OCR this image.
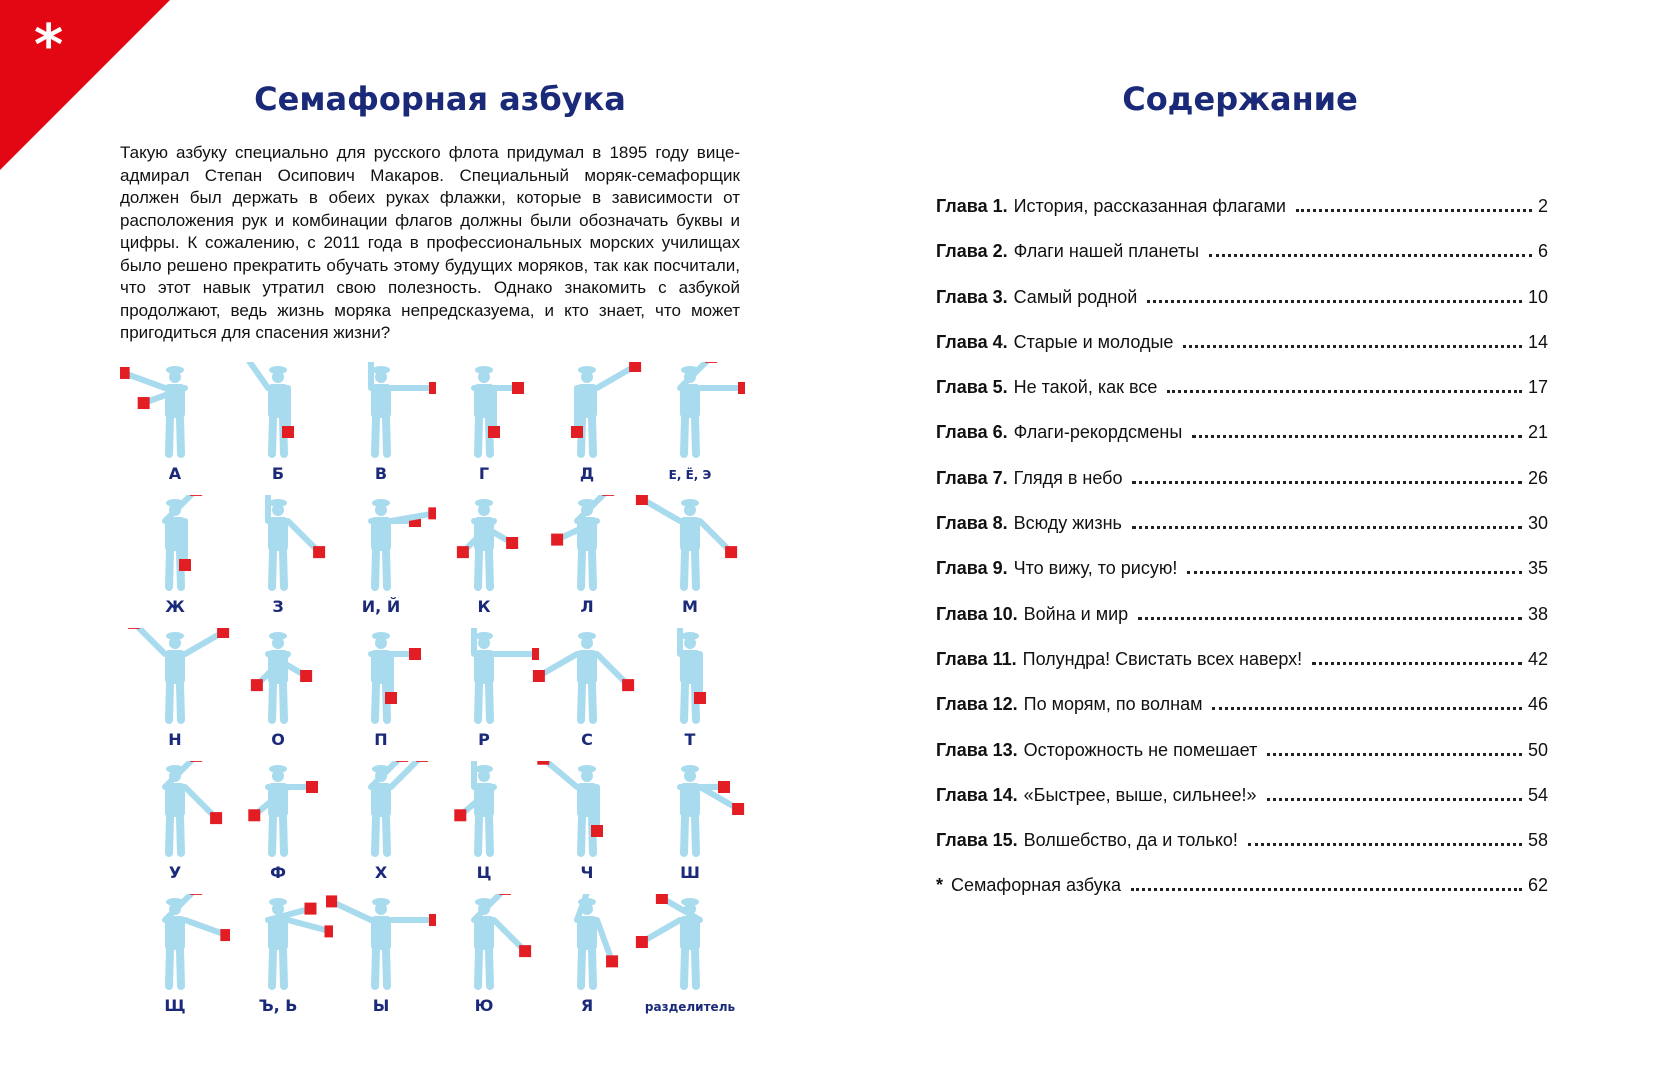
*
Семафорная азбука

Такую азбуку специально для русского флота придумал в 1895 году вице-адмирал Степан Осипович Макаров. Специальный моряк-семафорщик должен был держать в обеих руках флажки, которые в зависимости от расположения рук и комбинации флагов должны были обозначать буквы и цифры. К сожалению, с 2011 года в профессиональных морских училищах было решено прекратить обучать этому будущих моряков, так как посчитали, что этот навык утратил свою полезность. Однако знакомить с азбукой продолжают, ведь жизнь моряка непредсказуема, и кто знает, что может пригодиться для спасения жизни?

А	Б	В	Г	Д	Е, Ё, Э
Ж	З	И, Й	К	Л	М
Н	О	П	Р	С	Т
У	Ф	Х	Ц	Ч	Ш
Щ	Ъ, Ь	Ы	Ю	Я	разделитель
Содержание
Глава 1. История, рассказанная флагами	2
Глава 2. Флаги нашей планеты	6
Глава 3. Самый родной	10
Глава 4. Старые и молодые	14
Глава 5. Не такой, как все	17
Глава 6. Флаги-рекордсмены	21
Глава 7. Глядя в небо	26
Глава 8. Всюду жизнь	30
Глава 9. Что вижу, то рисую!	35
Глава 10. Война и мир	38
Глава 11. Полундра! Свистать всех наверх!	42
Глава 12. По морям, по волнам	46
Глава 13. Осторожность не помешает	50
Глава 14. «Быстрее, выше, сильнее!»	54
Глава 15. Волшебство, да и только!	58
* Семафорная азбука	62
